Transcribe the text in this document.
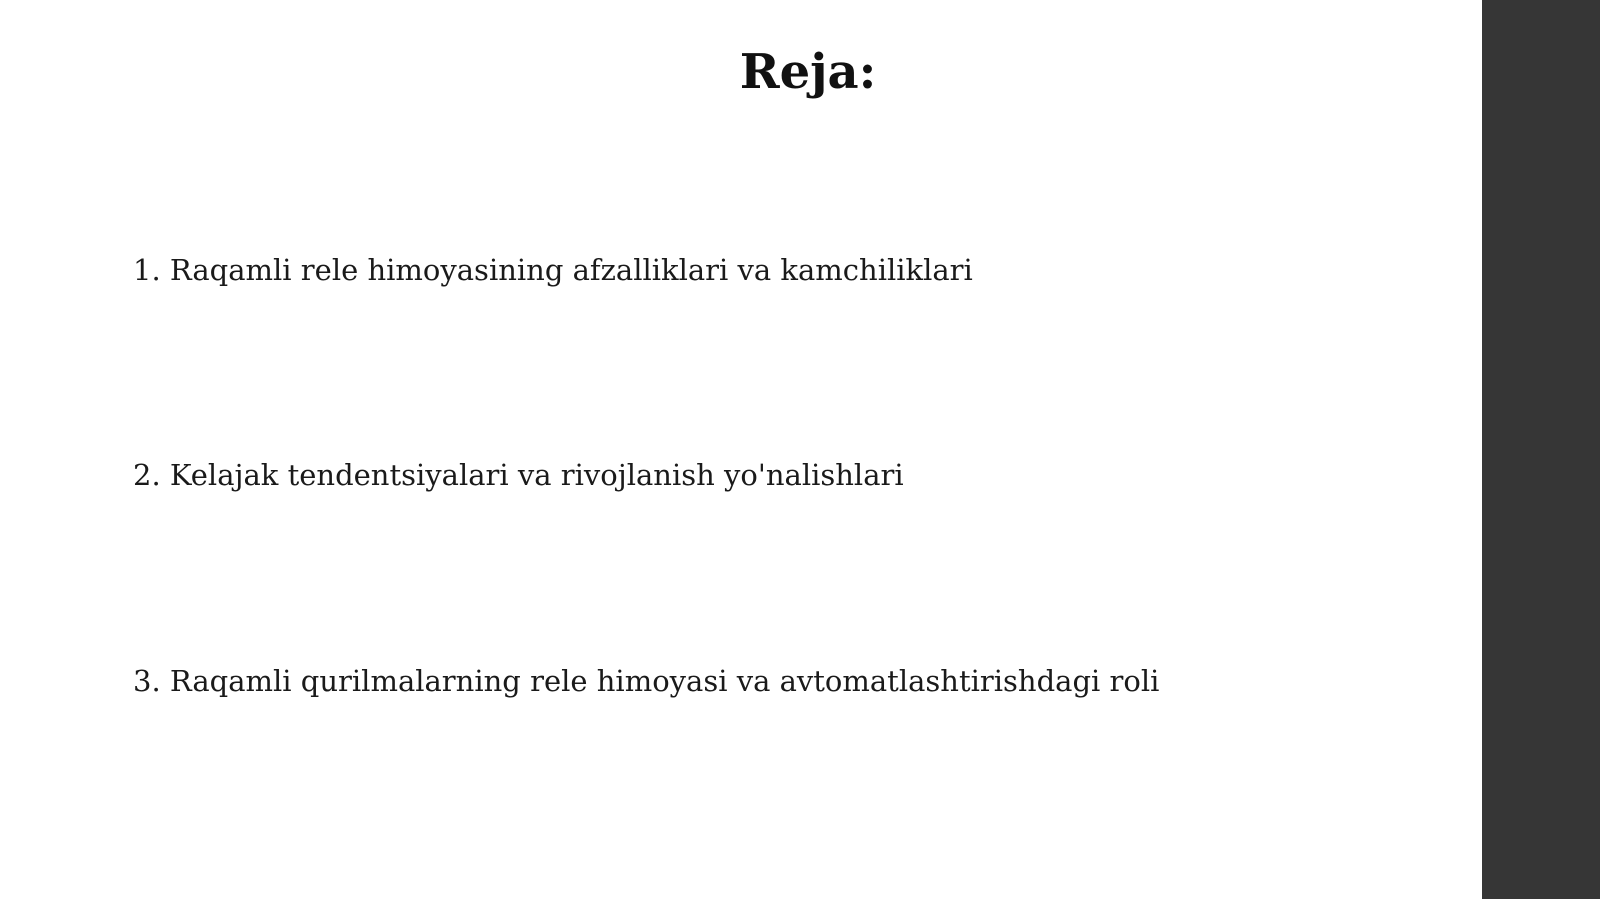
Reja:
1. Raqamli rele himoyasining afzalliklari va kamchiliklari
2. Kelajak tendentsiyalari va rivojlanish yo'nalishlari
3. Raqamli qurilmalarning rele himoyasi va avtomatlashtirishdagi roli
